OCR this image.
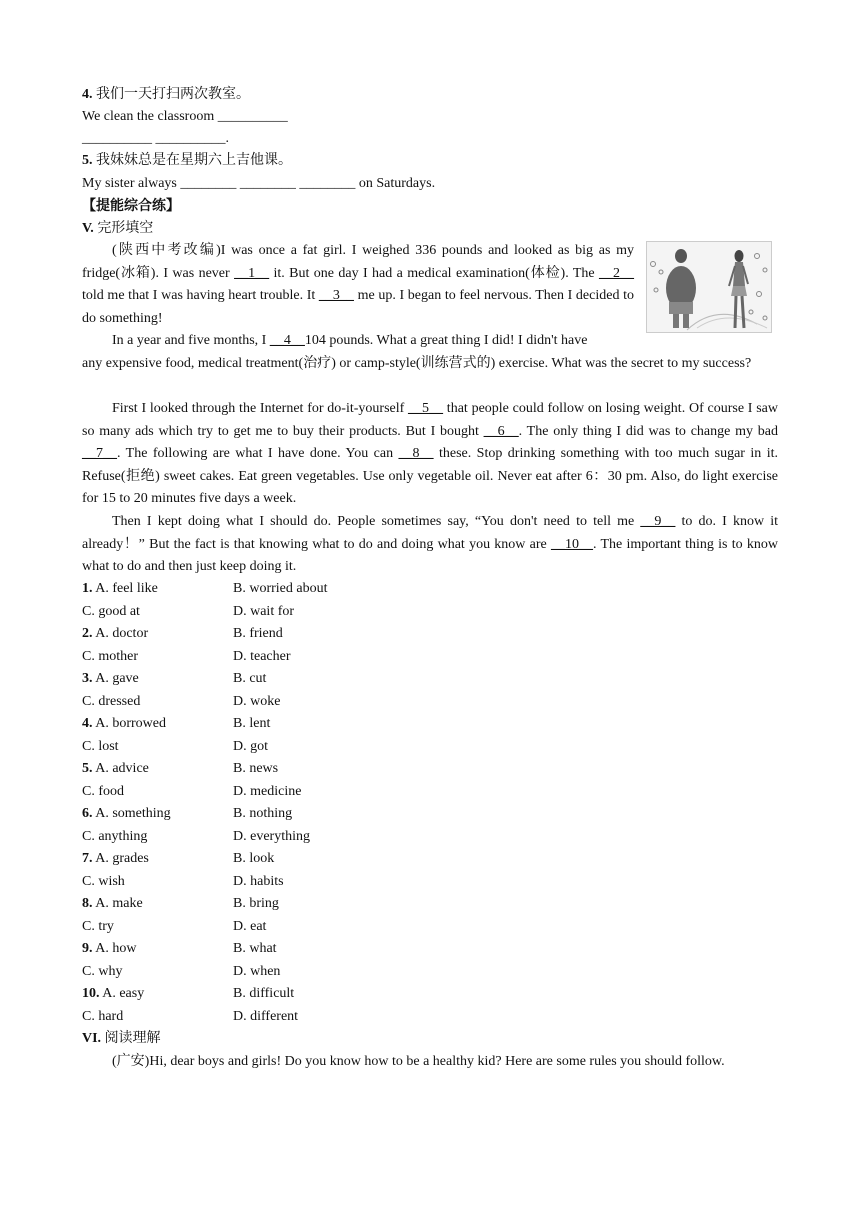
4. 我们一天打扫两次教室。
We clean the classroom __________
__________ __________.
5. 我妹妹总是在星期六上吉他课。
My sister always ________ ________ ________ on Saturdays.
【提能综合练】
V. 完形填空
(陕西中考改编)I was once a fat girl. I weighed 336 pounds and looked as big as my fridge(冰箱). I was never __1__ it. But one day I had a medical examination(体检). The __2__ told me that I was having heart trouble. It __3__ me up. I began to feel nervous. Then I decided to do something!
In a year and five months, I __4__104 pounds. What a great thing I did! I didn't have
any expensive food, medical treatment(治疗) or camp-style(训练营式的) exercise. What was the secret to my success?
First I looked through the Internet for do-it-yourself __5__ that people could follow on losing weight. Of course I saw so many ads which try to get me to buy their products. But I bought __6__. The only thing I did was to change my bad __7__. The following are what I have done. You can __8__ these. Stop drinking something with too much sugar in it. Refuse(拒绝) sweet cakes. Eat green vegetables. Use only vegetable oil. Never eat after 6：30 pm. Also, do light exercise for 15 to 20 minutes five days a week.
Then I kept doing what I should do. People sometimes say, “You don't need to tell me __9__ to do. I know it already！” But the fact is that knowing what to do and doing what you know are __10__. The important thing is to know what to do and then just keep doing it.
1. A. feel like	B. worried about
C. good at	D. wait for
2. A. doctor	B. friend
C. mother	D. teacher
3. A. gave	B. cut
C. dressed	D. woke
4. A. borrowed	B. lent
C. lost	D. got
5. A. advice	B. news
C. food	D. medicine
6. A. something	B. nothing
C. anything	D. everything
7. A. grades	B. look
C. wish	D. habits
8. A. make	B. bring
C. try	D. eat
9. A. how	B. what
C. why	D. when
10. A. easy	B. difficult
C. hard	D. different
VI. 阅读理解
(广安)Hi, dear boys and girls! Do you know how to be a healthy kid? Here are some rules you should follow.
